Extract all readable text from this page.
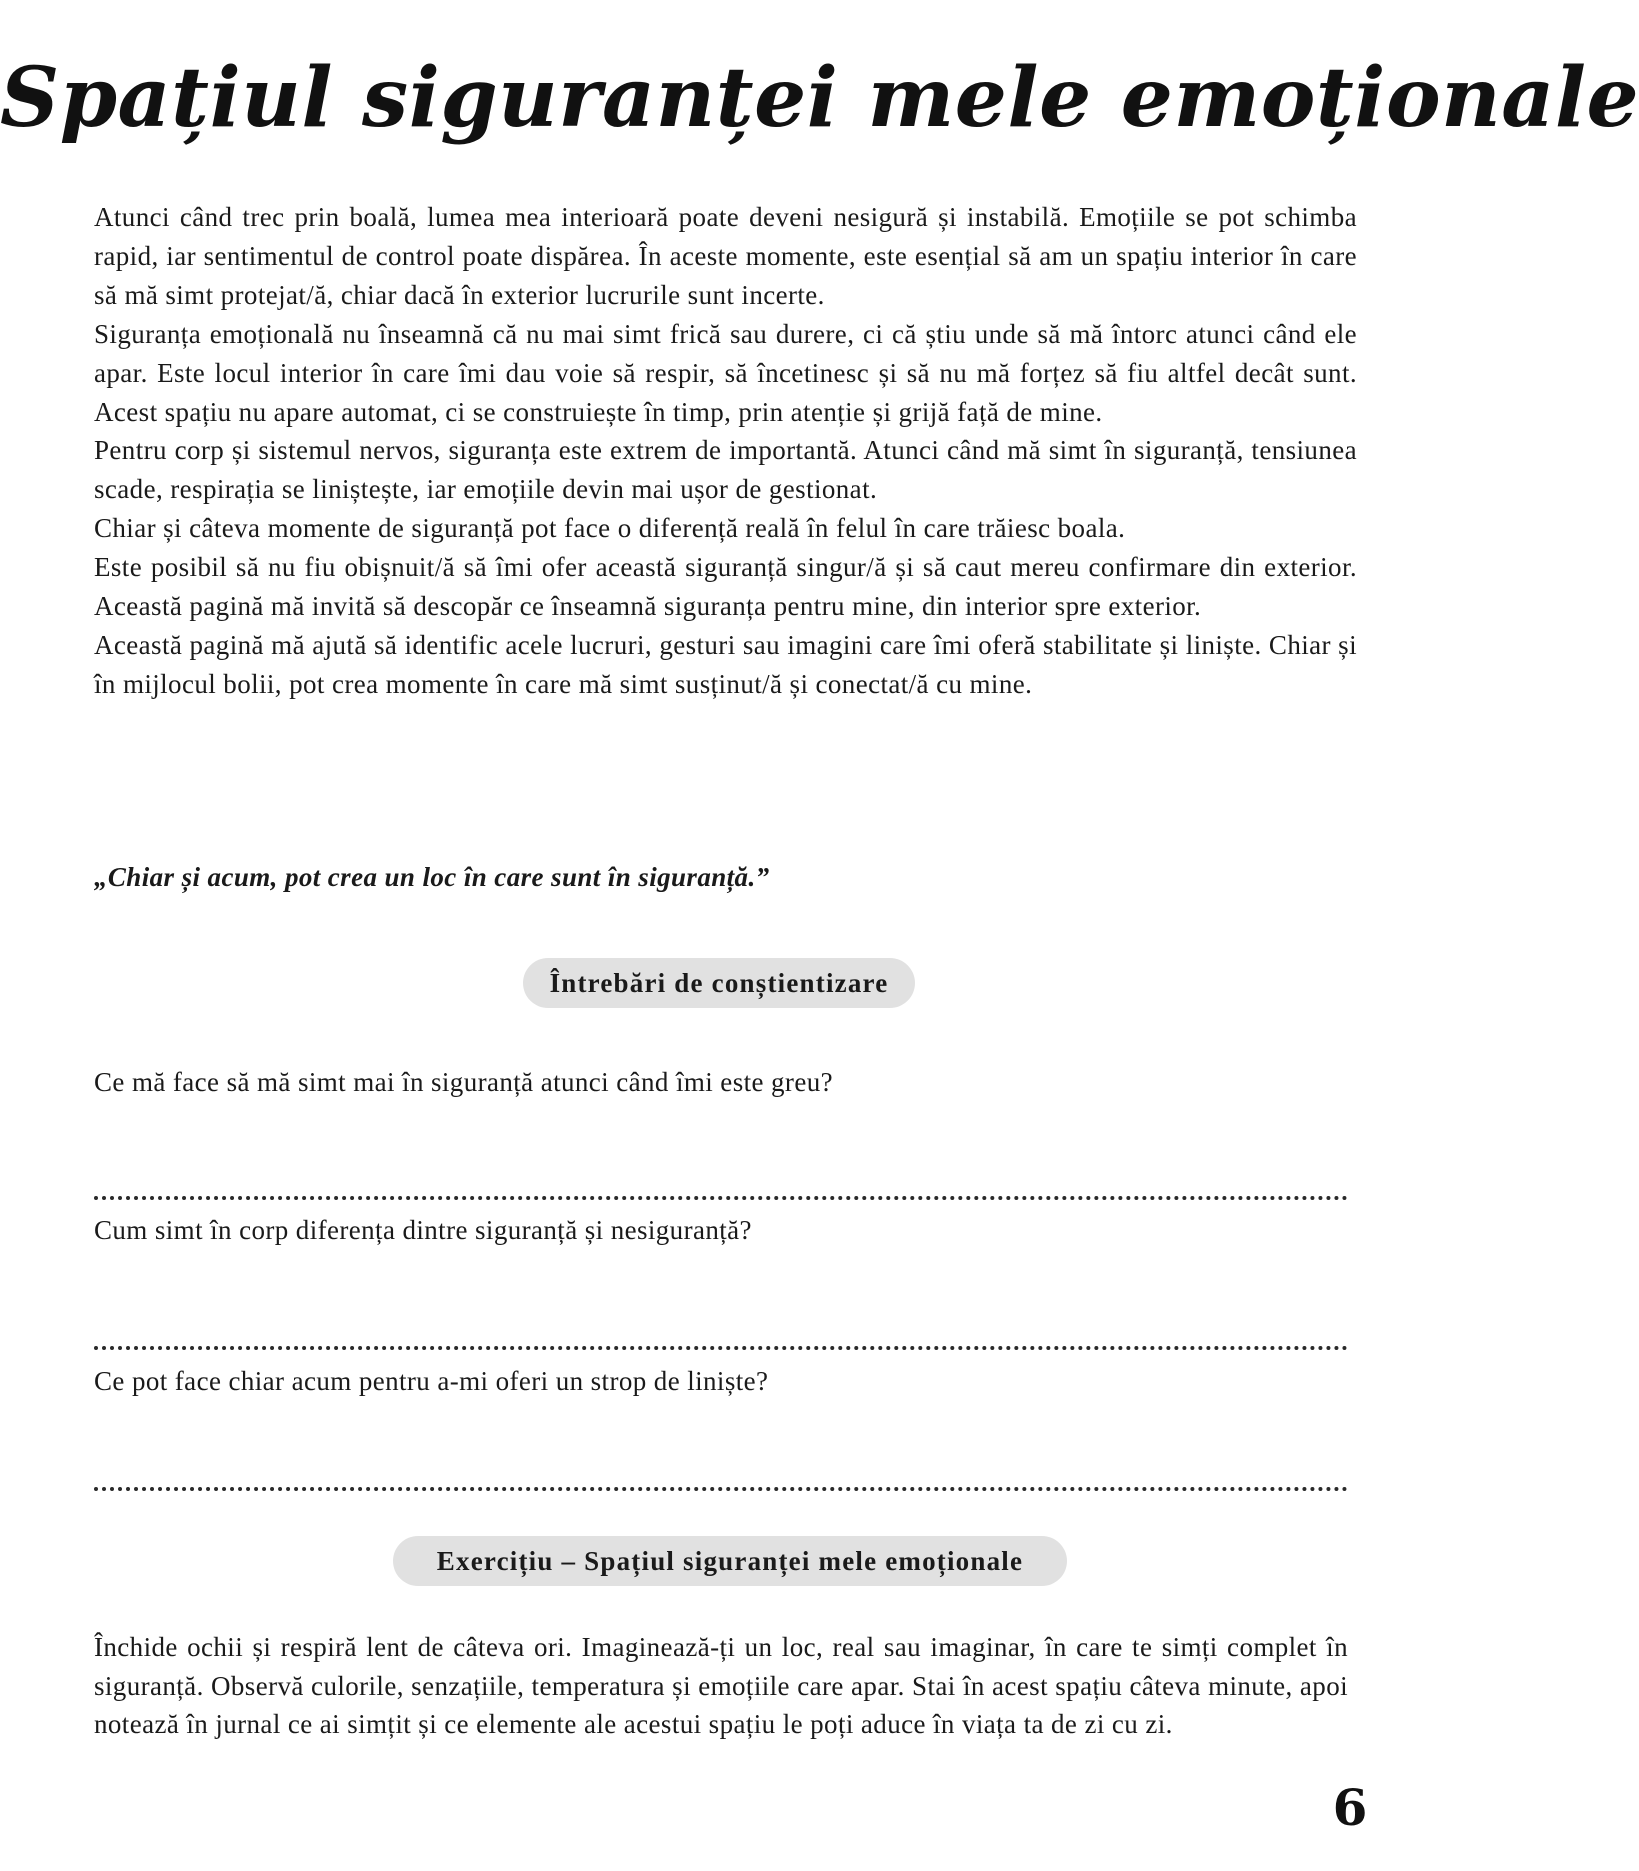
Spațiul siguranței mele emoționale

Atunci când trec prin boală, lumea mea interioară poate deveni nesigură și instabilă. Emoțiile se pot schimba rapid, iar sentimentul de control poate dispărea. În aceste momente, este esențial să am un spațiu interior în care să mă simt protejat/ă, chiar dacă în exterior lucrurile sunt incerte.

Siguranța emoțională nu înseamnă că nu mai simt frică sau durere, ci că știu unde să mă întorc atunci când ele apar. Este locul interior în care îmi dau voie să respir, să încetinesc și să nu mă forțez să fiu altfel decât sunt. Acest spațiu nu apare automat, ci se construiește în timp, prin atenție și grijă față de mine.

Pentru corp și sistemul nervos, siguranța este extrem de importantă. Atunci când mă simt în siguranță, tensiunea scade, respirația se liniștește, iar emoțiile devin mai ușor de gestionat.

Chiar și câteva momente de siguranță pot face o diferență reală în felul în care trăiesc boala.

Este posibil să nu fiu obișnuit/ă să îmi ofer această siguranță singur/ă și să caut mereu confirmare din exterior. Această pagină mă invită să descopăr ce înseamnă siguranța pentru mine, din interior spre exterior.

Această pagină mă ajută să identific acele lucruri, gesturi sau imagini care îmi oferă stabilitate și liniște. Chiar și în mijlocul bolii, pot crea momente în care mă simt susținut/ă și conectat/ă cu mine.

„Chiar și acum, pot crea un loc în care sunt în siguranță.”
Întrebări de conștientizare
Ce mă face să mă simt mai în siguranță atunci când îmi este greu?
Cum simt în corp diferența dintre siguranță și nesiguranță?
Ce pot face chiar acum pentru a-mi oferi un strop de liniște?
Exercițiu – Spațiul siguranței mele emoționale

Închide ochii și respiră lent de câteva ori. Imaginează-ți un loc, real sau imaginar, în care te simți complet în siguranță. Observă culorile, senzațiile, temperatura și emoțiile care apar. Stai în acest spațiu câteva minute, apoi notează în jurnal ce ai simțit și ce elemente ale acestui spațiu le poți aduce în viața ta de zi cu zi.

6
